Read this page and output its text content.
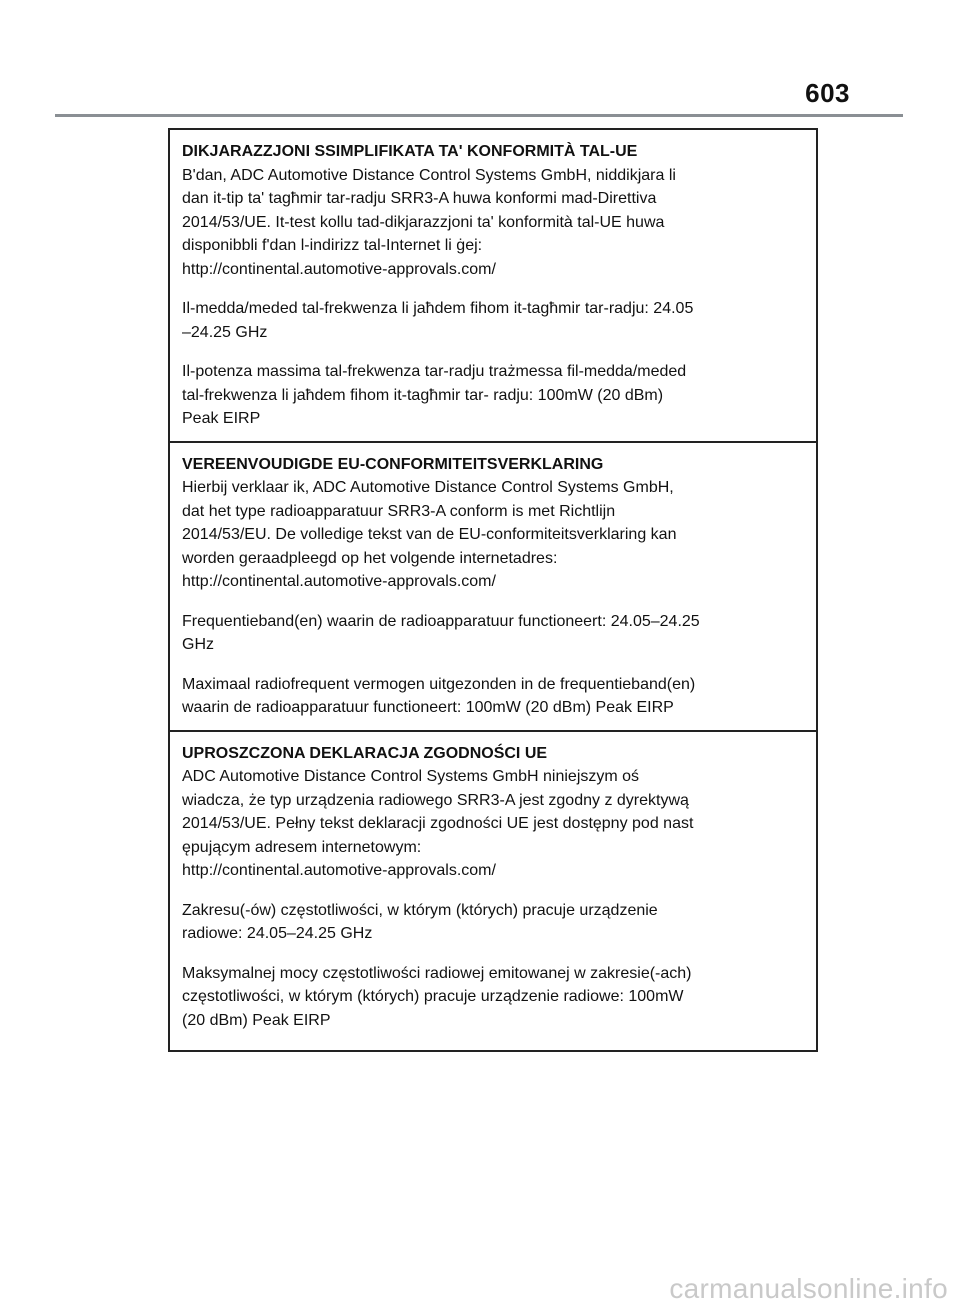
603
DIKJARAZZJONI SSIMPLIFIKATA TA' KONFORMITÀ TAL-UE

B'dan, ADC Automotive Distance Control Systems GmbH, niddikjara li
dan it-tip ta' tagħmir tar-radju SRR3-A huwa konformi mad-Direttiva
2014/53/UE. It-test kollu tad-dikjarazzjoni ta' konformità tal-UE huwa
disponibbli f'dan l-indirizz tal-Internet li ġej:
http://continental.automotive-approvals.com/

Il-medda/meded tal-frekwenza li jaħdem fihom it-tagħmir tar-radju: 24.05
–24.25 GHz

Il-potenza massima tal-frekwenza tar-radju trażmessa fil-medda/meded
tal-frekwenza li jaħdem fihom it-tagħmir tar- radju: 100mW (20 dBm)
Peak EIRP

VEREENVOUDIGDE EU-CONFORMITEITSVERKLARING

Hierbij verklaar ik, ADC Automotive Distance Control Systems GmbH,
dat het type radioapparatuur SRR3-A conform is met Richtlijn
2014/53/EU. De volledige tekst van de EU-conformiteitsverklaring kan
worden geraadpleegd op het volgende internetadres:
http://continental.automotive-approvals.com/

Frequentieband(en) waarin de radioapparatuur functioneert: 24.05–24.25
GHz

Maximaal radiofrequent vermogen uitgezonden in de frequentieband(en)
waarin de radioapparatuur functioneert: 100mW (20 dBm) Peak EIRP

UPROSZCZONA DEKLARACJA ZGODNOŚCI UE

ADC Automotive Distance Control Systems GmbH niniejszym oś
wiadcza, że typ urządzenia radiowego SRR3-A jest zgodny z dyrektywą
2014/53/UE. Pełny tekst deklaracji zgodności UE jest dostępny pod nast
ępującym adresem internetowym:
http://continental.automotive-approvals.com/

Zakresu(-ów) częstotliwości, w którym (których) pracuje urządzenie
radiowe: 24.05–24.25 GHz

Maksymalnej mocy częstotliwości radiowej emitowanej w zakresie(-ach)
częstotliwości, w którym (których) pracuje urządzenie radiowe: 100mW
(20 dBm) Peak EIRP

carmanualsonline.info
